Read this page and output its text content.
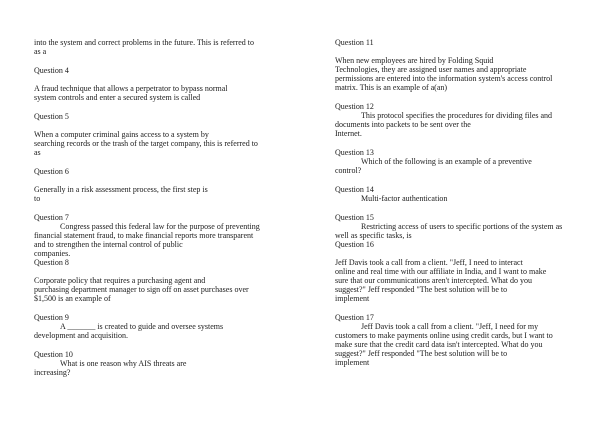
into the system and correct problems in the future. This is referred to
as a
Question 4

A fraud technique that allows a perpetrator to bypass normal
system controls and enter a secured system is called
Question 5

When a computer criminal gains access to a system by
searching records or the trash of the target company, this is referred to
as
Question 6

Generally in a risk assessment process, the first step is
to
Question 7
Congress passed this federal law for the purpose of preventing
financial statement fraud, to make financial reports more transparent
and to strengthen the internal control of public
companies.
Question 8

Corporate policy that requires a purchasing agent and
purchasing department manager to sign off on asset purchases over
$1,500 is an example of
Question 9
A _______ is created to guide and oversee systems
development and acquisition.
Question 10
What is one reason why AIS threats are
increasing?
Question 11

When new employees are hired by Folding Squid
Technologies, they are assigned user names and appropriate
permissions are entered into the information system's access control
matrix. This is an example of a(an)
Question 12
This protocol specifies the procedures for dividing files and
documents into packets to be sent over the
Internet.
Question 13
Which of the following is an example of a preventive
control?
Question 14
Multi-factor authentication
Question 15
Restricting access of users to specific portions of the system as
well as specific tasks, is
Question 16

Jeff Davis took a call from a client. "Jeff, I need to interact
online and real time with our affiliate in India, and I want to make
sure that our communications aren't intercepted. What do you
suggest?" Jeff responded "The best solution will be to
implement
Question 17
Jeff Davis took a call from a client. "Jeff, I need for my
customers to make payments online using credit cards, but I want to
make sure that the credit card data isn't intercepted. What do you
suggest?" Jeff responded "The best solution will be to
implement
